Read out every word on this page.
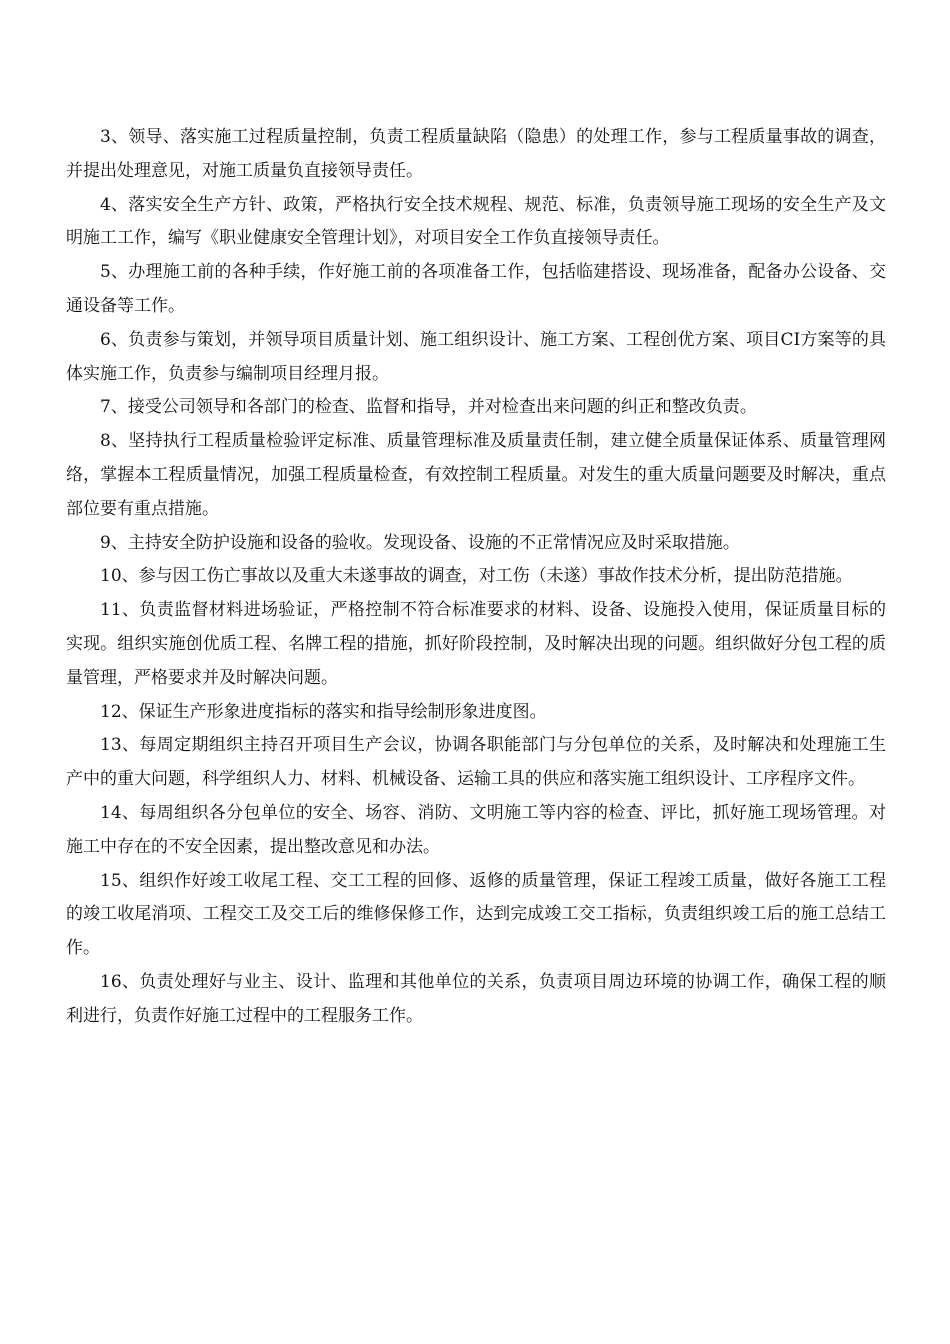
3、领导、落实施工过程质量控制，负责工程质量缺陷（隐患）的处理工作，参与工程质量事故的调查，并提出处理意见，对施工质量负直接领导责任。

4、落实安全生产方针、政策，严格执行安全技术规程、规范、标准，负责领导施工现场的安全生产及文明施工工作，编写《职业健康安全管理计划》，对项目安全工作负直接领导责任。

5、办理施工前的各种手续，作好施工前的各项准备工作，包括临建搭设、现场准备，配备办公设备、交通设备等工作。

6、负责参与策划，并领导项目质量计划、施工组织设计、施工方案、工程创优方案、项目CI方案等的具体实施工作，负责参与编制项目经理月报。

7、接受公司领导和各部门的检查、监督和指导，并对检查出来问题的纠正和整改负责。

8、坚持执行工程质量检验评定标准、质量管理标准及质量责任制，建立健全质量保证体系、质量管理网络，掌握本工程质量情况，加强工程质量检查，有效控制工程质量。对发生的重大质量问题要及时解决，重点部位要有重点措施。

9、主持安全防护设施和设备的验收。发现设备、设施的不正常情况应及时采取措施。

10、参与因工伤亡事故以及重大未遂事故的调查，对工伤（未遂）事故作技术分析，提出防范措施。

11、负责监督材料进场验证，严格控制不符合标准要求的材料、设备、设施投入使用，保证质量目标的实现。组织实施创优质工程、名牌工程的措施，抓好阶段控制，及时解决出现的问题。组织做好分包工程的质量管理，严格要求并及时解决问题。

12、保证生产形象进度指标的落实和指导绘制形象进度图。

13、每周定期组织主持召开项目生产会议，协调各职能部门与分包单位的关系，及时解决和处理施工生产中的重大问题，科学组织人力、材料、机械设备、运输工具的供应和落实施工组织设计、工序程序文件。

14、每周组织各分包单位的安全、场容、消防、文明施工等内容的检查、评比，抓好施工现场管理。对施工中存在的不安全因素，提出整改意见和办法。

15、组织作好竣工收尾工程、交工工程的回修、返修的质量管理，保证工程竣工质量，做好各施工工程的竣工收尾消项、工程交工及交工后的维修保修工作，达到完成竣工交工指标，负责组织竣工后的施工总结工作。

16、负责处理好与业主、设计、监理和其他单位的关系，负责项目周边环境的协调工作，确保工程的顺利进行，负责作好施工过程中的工程服务工作。
